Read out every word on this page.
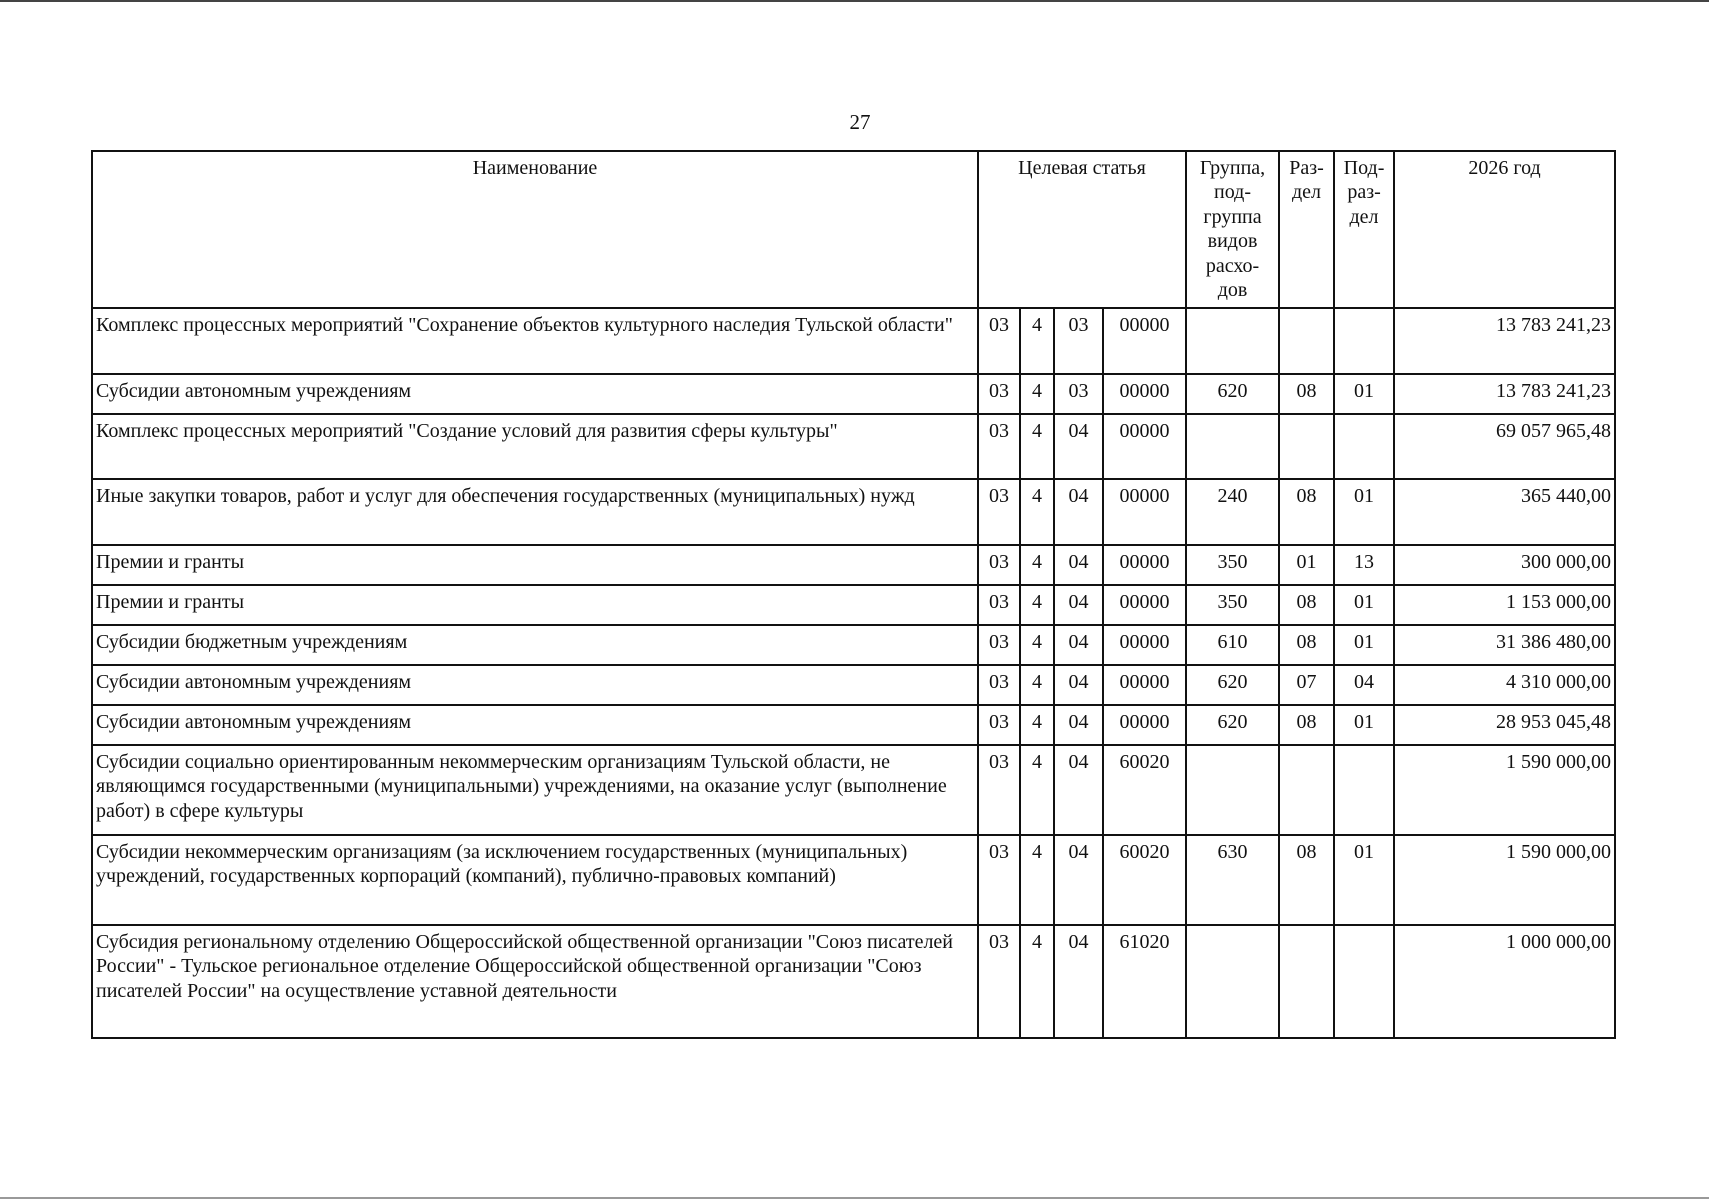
27
Наименование	Целевая статья				Группа, под- группа видов расхо- дов	Раз- дел	Под- раз- дел	2026 год
Комплекс процессных мероприятий "Сохранение объектов культурного наследия Тульской области"	03	4	03	00000				13 783 241,23
Субсидии автономным учреждениям	03	4	03	00000	620	08	01	13 783 241,23
Комплекс процессных мероприятий "Создание условий для развития сферы культуры"	03	4	04	00000				69 057 965,48
Иные закупки товаров, работ и услуг для обеспечения государственных (муниципальных) нужд	03	4	04	00000	240	08	01	365 440,00
Премии и гранты	03	4	04	00000	350	01	13	300 000,00
Премии и гранты	03	4	04	00000	350	08	01	1 153 000,00
Субсидии бюджетным учреждениям	03	4	04	00000	610	08	01	31 386 480,00
Субсидии автономным учреждениям	03	4	04	00000	620	07	04	4 310 000,00
Субсидии автономным учреждениям	03	4	04	00000	620	08	01	28 953 045,48
Субсидии социально ориентированным некоммерческим организациям Тульской области, не являющимся государственными (муниципальными) учреждениями, на оказание услуг (выполнение работ) в сфере культуры	03	4	04	60020				1 590 000,00
Субсидии некоммерческим организациям (за исключением государственных (муниципальных) учреждений, государственных корпораций (компаний), публично-правовых компаний)	03	4	04	60020	630	08	01	1 590 000,00
Субсидия региональному отделению Общероссийской общественной организации "Союз писателей России" - Тульское региональное отделение Общероссийской общественной организации "Союз писателей России" на осуществление уставной деятельности	03	4	04	61020				1 000 000,00
